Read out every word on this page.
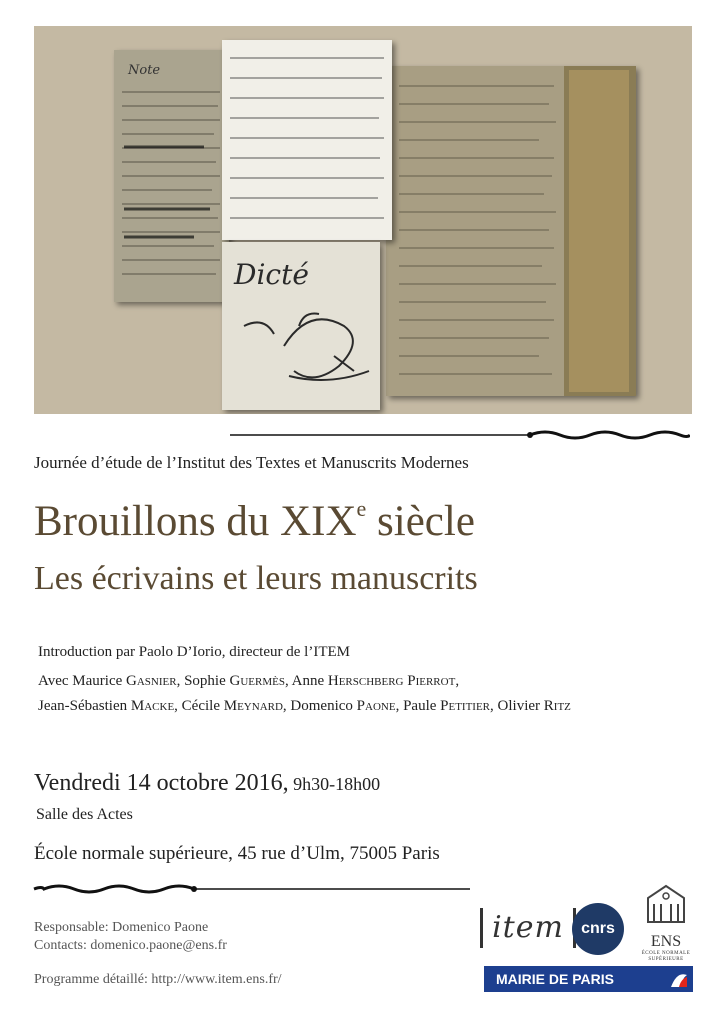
Note
Dicté
Journée d’étude de l’Institut des Textes et Manuscrits Modernes
Brouillons du XIXe siècle
Les écrivains et leurs manuscrits
Introduction par Paolo D’Iorio, directeur de l’ITEM
Avec Maurice Gasnier, Sophie Guermès, Anne Herschberg Pierrot,
Jean-Sébastien Macke, Cécile Meynard, Domenico Paone, Paule Petitier, Olivier Ritz
Vendredi 14 octobre 2016, 9h30-18h00
Salle des Actes
École normale supérieure, 45 rue d’Ulm, 75005 Paris
Responsable: Domenico Paone
Contacts: domenico.paone@ens.fr
Programme détaillé: http://www.item.ens.fr/
item	cnrs
ENS
ÉCOLE NORMALE
SUPÉRIEURE
MAIRIE DE PARIS
